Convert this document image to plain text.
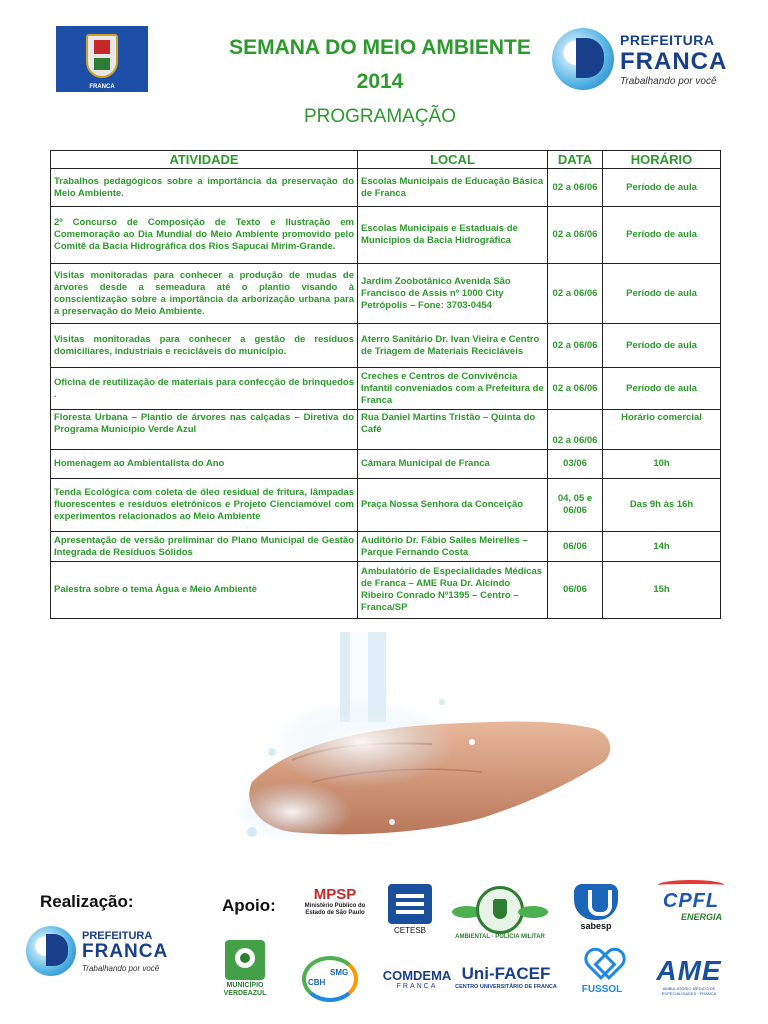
FRANCA
SEMANA DO MEIO AMBIENTE
2014
PROGRAMAÇÃO
PREFEITURA
FRANCA
Trabalhando por você
ATIVIDADE	LOCAL	DATA	HORÁRIO
Trabalhos pedagógicos sobre a importância da preservação do Meio Ambiente.	Escolas Municipais de Educação Básica de Franca	02 a 06/06	Período de aula
2º Concurso de Composição de Texto e Ilustração em Comemoração ao Dia Mundial do Meio Ambiente promovido pelo Comitê da Bacia Hidrográfica dos Rios Sapucaí Mirim-Grande.	Escolas Municipais e Estaduais de Municípios da Bacia Hidrográfica	02 a 06/06	Período de aula
Visitas monitoradas para conhecer a produção de mudas de árvores desde a semeadura até o plantio visando à conscientização sobre a importância da arborização urbana para a preservação do Meio Ambiente.	Jardim Zoobotânico Avenida São Francisco de Assis nº 1000 City Petrópolis – Fone: 3703-0454	02 a 06/06	Período de aula
Visitas monitoradas para conhecer a gestão de resíduos domiciliares, industriais e recicláveis do município.	Aterro Sanitário Dr. Ivan Vieira e Centro de Triagem de Materiais Recicláveis	02 a 06/06	Período de aula
Oficina de reutilização de materiais para confecção de brinquedos .	Creches e Centros de Convivência Infantil conveniados com a Prefeitura de Franca	02 a 06/06	Período de aula
Floresta Urbana – Plantio de árvores nas calçadas – Diretiva do Programa Município Verde Azul	Rua Daniel Martins Tristão – Quinta do Café	02 a 06/06	Horário comercial
Homenagem ao Ambientalista do Ano	Câmara Municipal de Franca	03/06	10h
Tenda Ecológica com coleta de óleo residual de fritura, lâmpadas fluorescentes e resíduos eletrônicos e Projeto Cienciamóvel com experimentos relacionados ao Meio Ambiente	Praça Nossa Senhora da Conceição	04, 05 e 06/06	Das 9h às 16h
Apresentação de versão preliminar do Plano Municipal de Gestão Integrada de Resíduos Sólidos	Auditório Dr. Fábio Salles Meirelles – Parque Fernando Costa	06/06	14h
Palestra sobre o tema Água e Meio Ambiente	Ambulatório de Especialidades Médicas de Franca – AME Rua Dr. Alcindo Ribeiro Conrado Nº1395 – Centro – Franca/SP	06/06	15h
Realização:	Apoio:
PREFEITURA
FRANCA
Trabalhando por você
MPSP
Ministério Público do Estado de São Paulo
CETESB
AMBIENTAL · POLÍCIA MILITAR
sabesp
CPFL
ENERGIA
MUNICÍPIO VERDEAZUL
CBH
SMG	COMDEMA
FRANCA
Uni-FACEF
CENTRO UNIVERSITÁRIO DE FRANCA	FUSSOL
AME
AMBULATÓRIO MÉDICO DE ESPECIALIDADES · FRANCA
